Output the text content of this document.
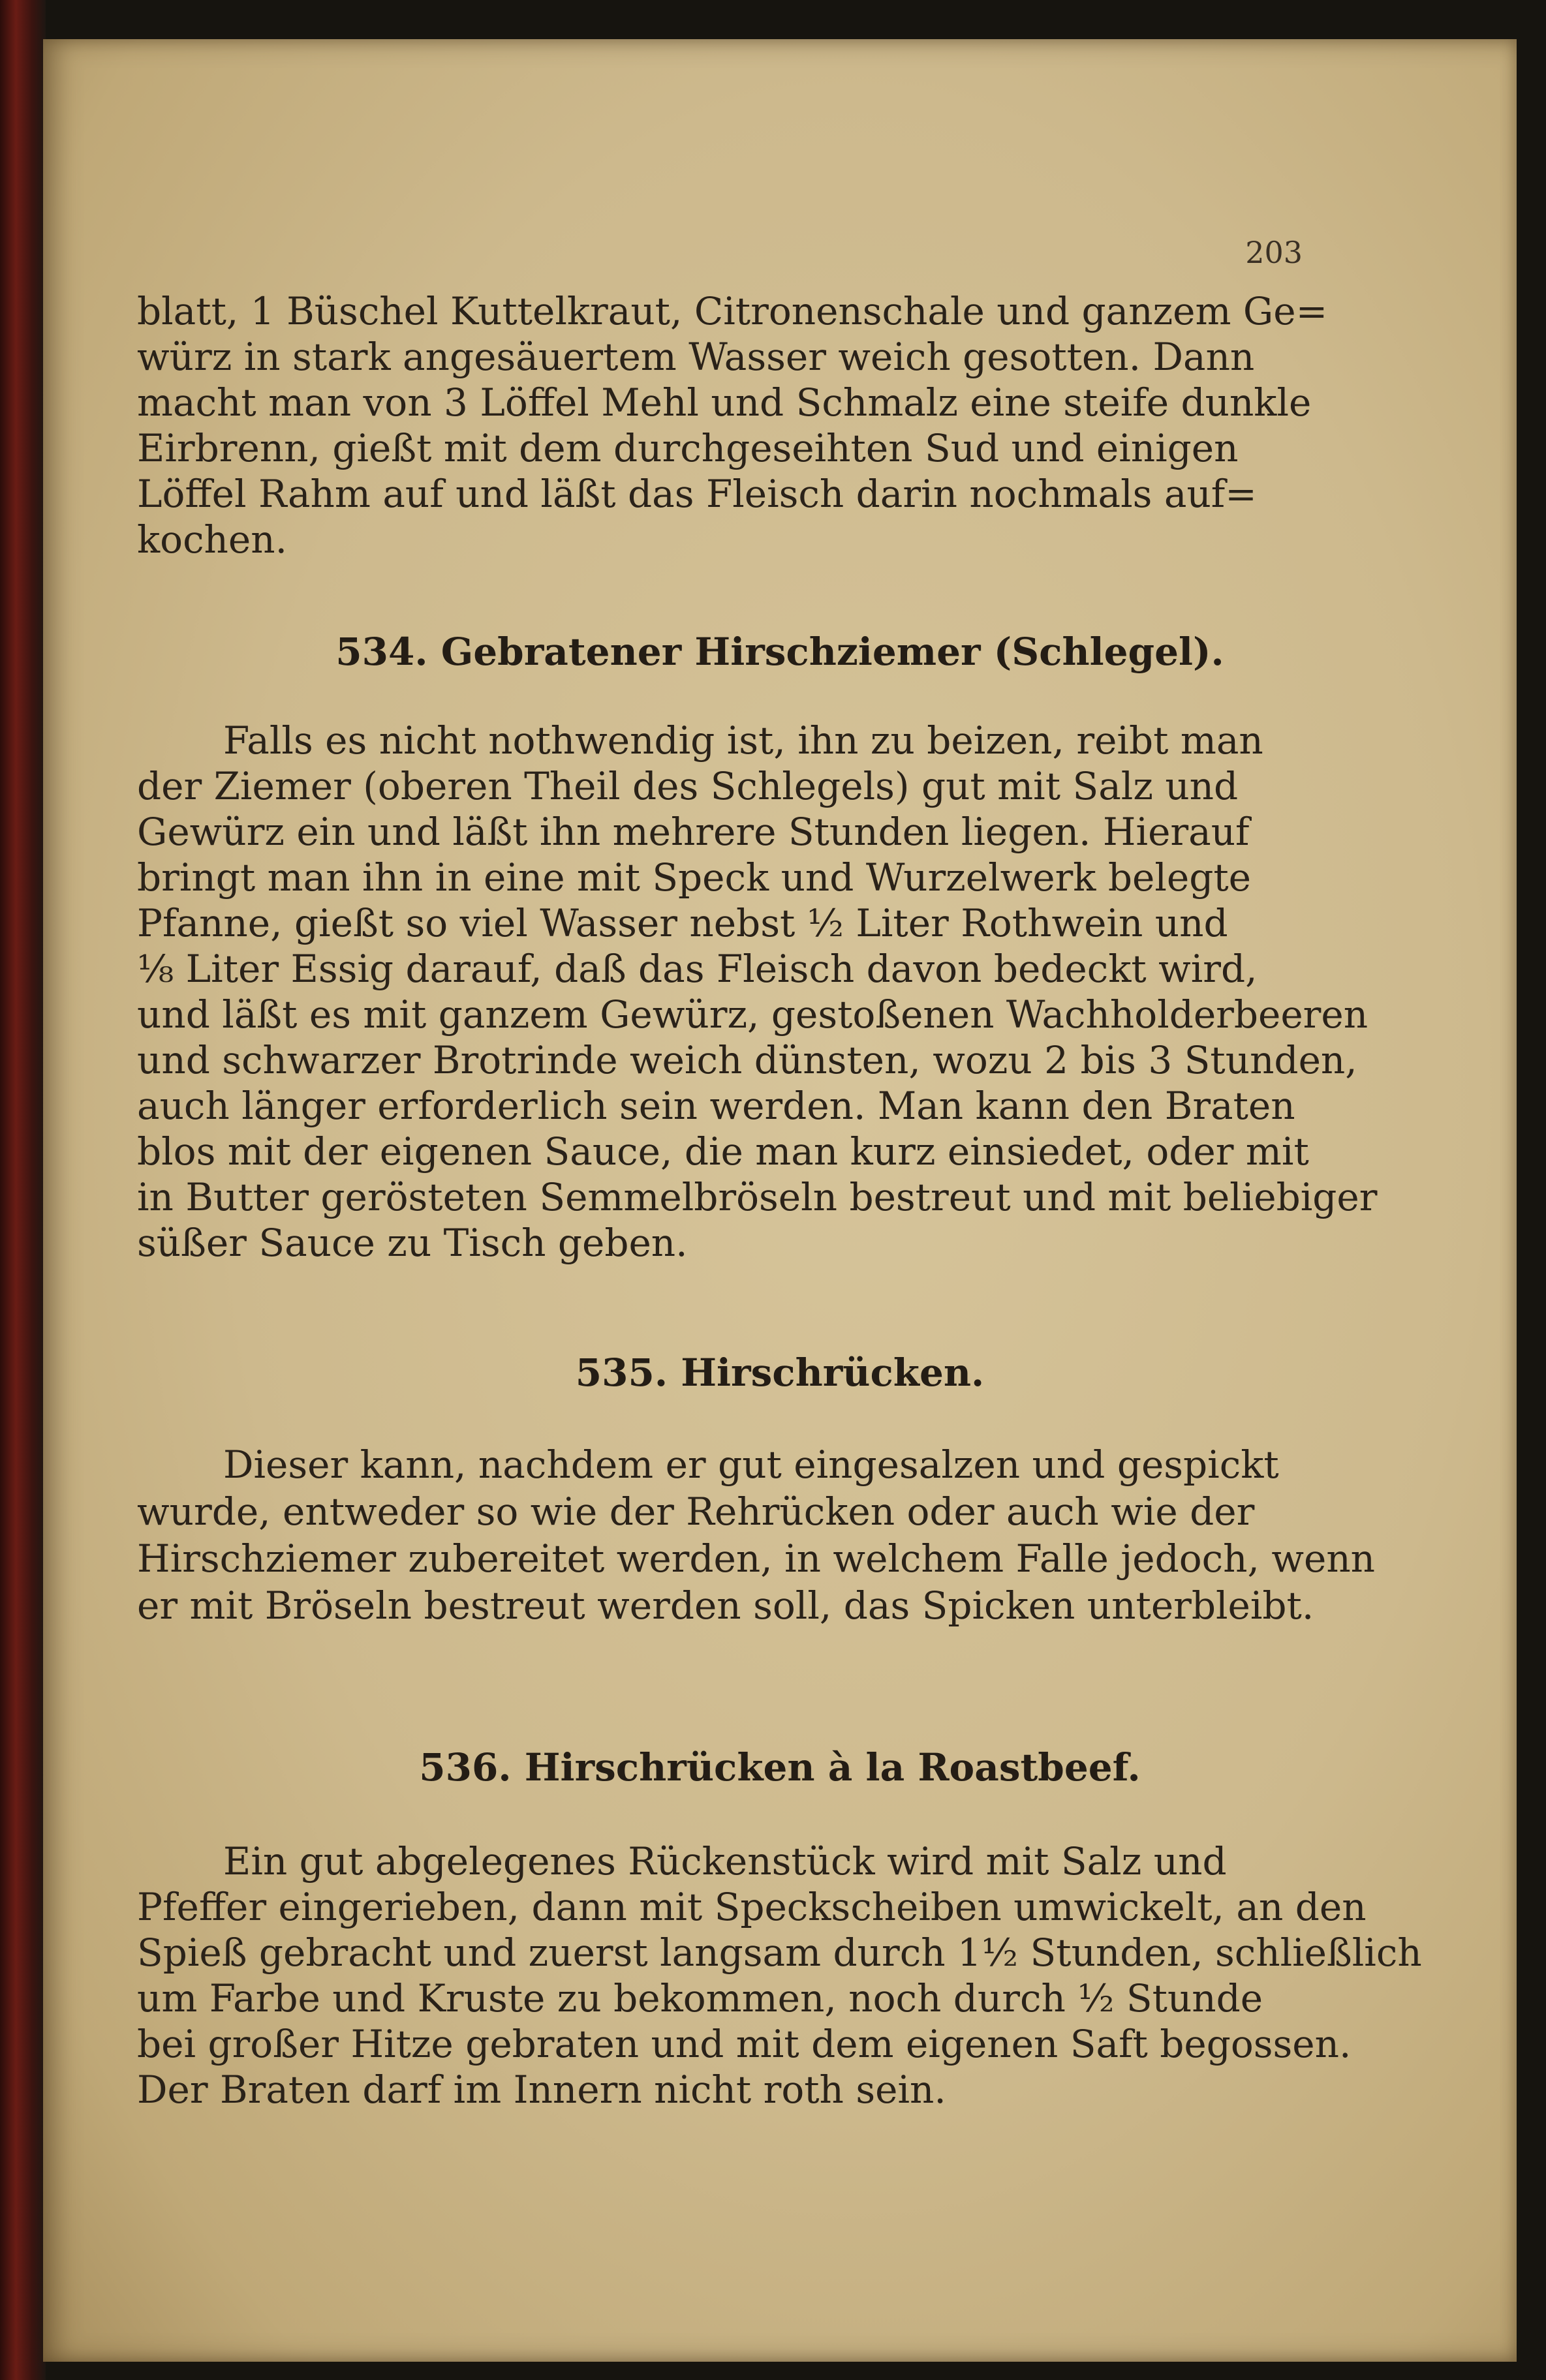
203
blatt, 1 Büschel Kuttelkraut, Citronenschale und ganzem Ge=
würz in stark angesäuertem Wasser weich gesotten. Dann
macht man von 3 Löffel Mehl und Schmalz eine steife dunkle
Eirbrenn, gießt mit dem durchgeseihten Sud und einigen
Löffel Rahm auf und läßt das Fleisch darin nochmals auf=
kochen.
534. Gebratener Hirschziemer (Schlegel).
Falls es nicht nothwendig ist, ihn zu beizen, reibt man
der Ziemer (oberen Theil des Schlegels) gut mit Salz und
Gewürz ein und läßt ihn mehrere Stunden liegen. Hierauf
bringt man ihn in eine mit Speck und Wurzelwerk belegte
Pfanne, gießt so viel Wasser nebst ½ Liter Rothwein und
⅛ Liter Essig darauf, daß das Fleisch davon bedeckt wird,
und läßt es mit ganzem Gewürz, gestoßenen Wachholderbeeren
und schwarzer Brotrinde weich dünsten, wozu 2 bis 3 Stunden,
auch länger erforderlich sein werden. Man kann den Braten
blos mit der eigenen Sauce, die man kurz einsiedet, oder mit
in Butter gerösteten Semmelbröseln bestreut und mit beliebiger
süßer Sauce zu Tisch geben.
535. Hirschrücken.
Dieser kann, nachdem er gut eingesalzen und gespickt
wurde, entweder so wie der Rehrücken oder auch wie der
Hirschziemer zubereitet werden, in welchem Falle jedoch, wenn
er mit Bröseln bestreut werden soll, das Spicken unterbleibt.
536. Hirschrücken à la Roastbeef.
Ein gut abgelegenes Rückenstück wird mit Salz und
Pfeffer eingerieben, dann mit Speckscheiben umwickelt, an den
Spieß gebracht und zuerst langsam durch 1½ Stunden, schließlich
um Farbe und Kruste zu bekommen, noch durch ½ Stunde
bei großer Hitze gebraten und mit dem eigenen Saft begossen.
Der Braten darf im Innern nicht roth sein.
